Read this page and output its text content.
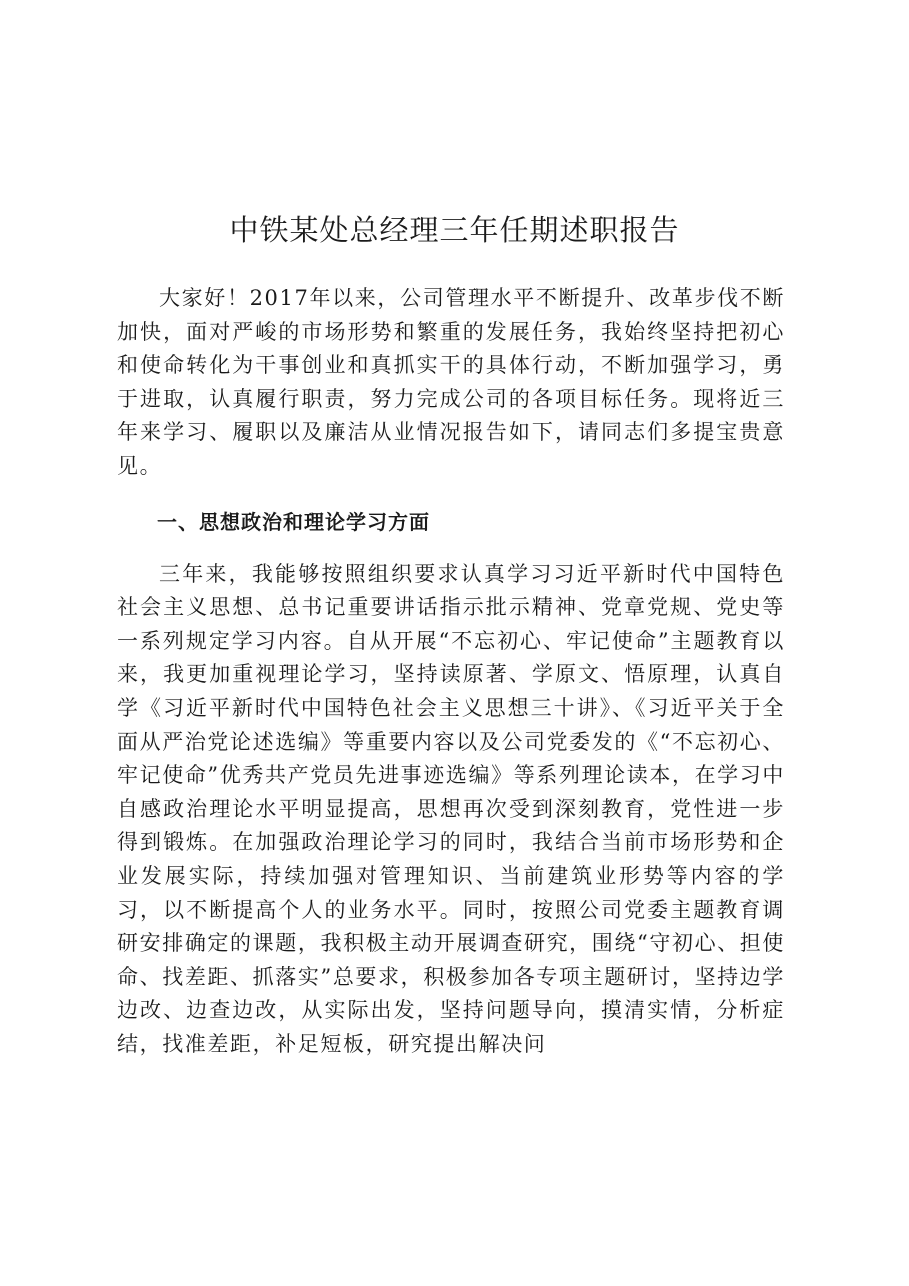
中铁某处总经理三年任期述职报告

大家好！2017年以来，公司管理水平不断提升、改革步伐不断加快，面对严峻的市场形势和繁重的发展任务，我始终坚持把初心和使命转化为干事创业和真抓实干的具体行动，不断加强学习，勇于进取，认真履行职责，努力完成公司的各项目标任务。现将近三年来学习、履职以及廉洁从业情况报告如下，请同志们多提宝贵意见。

一、思想政治和理论学习方面

三年来，我能够按照组织要求认真学习习近平新时代中国特色社会主义思想、总书记重要讲话指示批示精神、党章党规、党史等一系列规定学习内容。自从开展“不忘初心、牢记使命”主题教育以来，我更加重视理论学习，坚持读原著、学原文、悟原理，认真自学《习近平新时代中国特色社会主义思想三十讲》、《习近平关于全面从严治党论述选编》等重要内容以及公司党委发的《“不忘初心、牢记使命”优秀共产党员先进事迹选编》等系列理论读本，在学习中自感政治理论水平明显提高，思想再次受到深刻教育，党性进一步得到锻炼。在加强政治理论学习的同时，我结合当前市场形势和企业发展实际，持续加强对管理知识、当前建筑业形势等内容的学习，以不断提高个人的业务水平。同时，按照公司党委主题教育调研安排确定的课题，我积极主动开展调查研究，围绕“守初心、担使命、找差距、抓落实”总要求，积极参加各专项主题研讨，坚持边学边改、边查边改，从实际出发，坚持问题导向，摸清实情，分析症结，找准差距，补足短板，研究提出解决问
